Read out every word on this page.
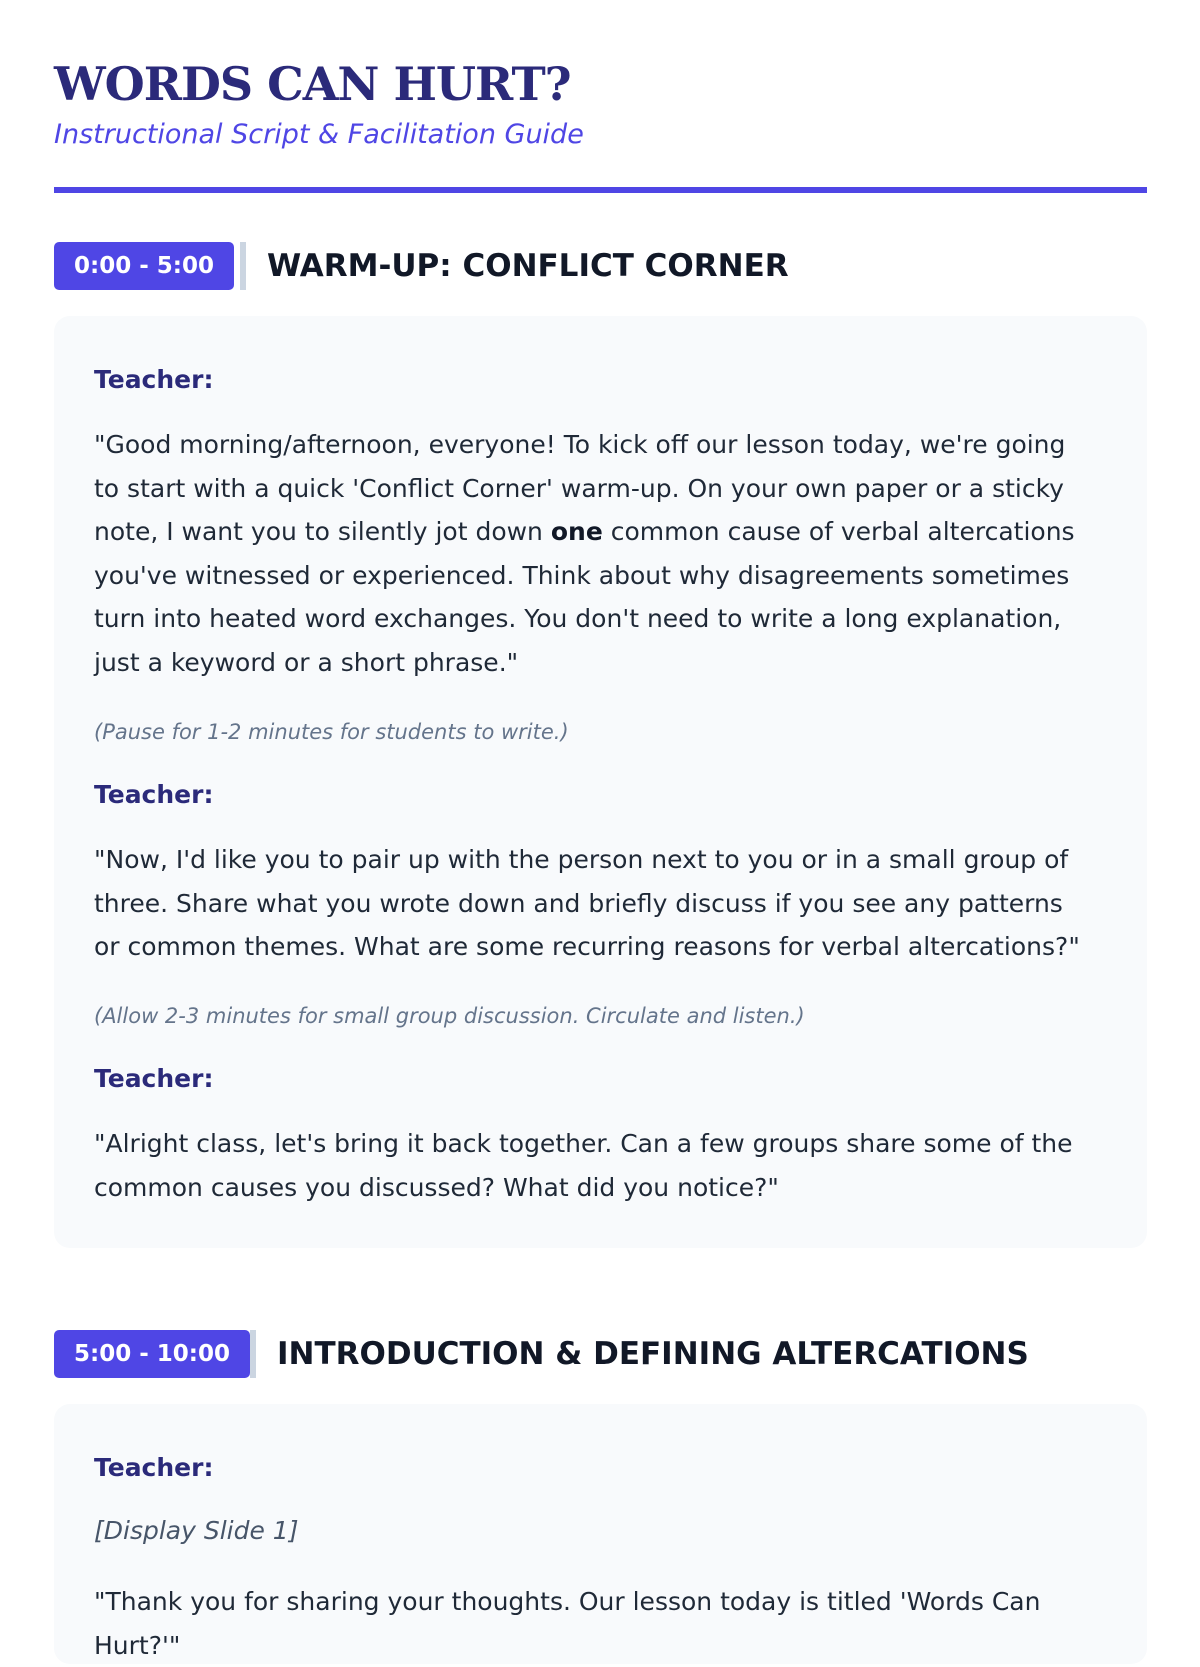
WORDS CAN HURT?

Instructional Script & Facilitation Guide

0:00 - 5:00	WARM-UP: CONFLICT CORNER

Teacher:

"Good morning/afternoon, everyone! To kick off our lesson today, we're going to start with a quick 'Conflict Corner' warm-up. On your own paper or a sticky note, I want you to silently jot down one common cause of verbal altercations you've witnessed or experienced. Think about why disagreements sometimes turn into heated word exchanges. You don't need to write a long explanation, just a keyword or a short phrase."

(Pause for 1-2 minutes for students to write.)

Teacher:

"Now, I'd like you to pair up with the person next to you or in a small group of three. Share what you wrote down and briefly discuss if you see any patterns or common themes. What are some recurring reasons for verbal altercations?"

(Allow 2-3 minutes for small group discussion. Circulate and listen.)

Teacher:

"Alright class, let's bring it back together. Can a few groups share some of the common causes you discussed? What did you notice?"

5:00 - 10:00	INTRODUCTION & DEFINING ALTERCATIONS

Teacher:

[Display Slide 1]

"Thank you for sharing your thoughts. Our lesson today is titled 'Words Can Hurt?'"
